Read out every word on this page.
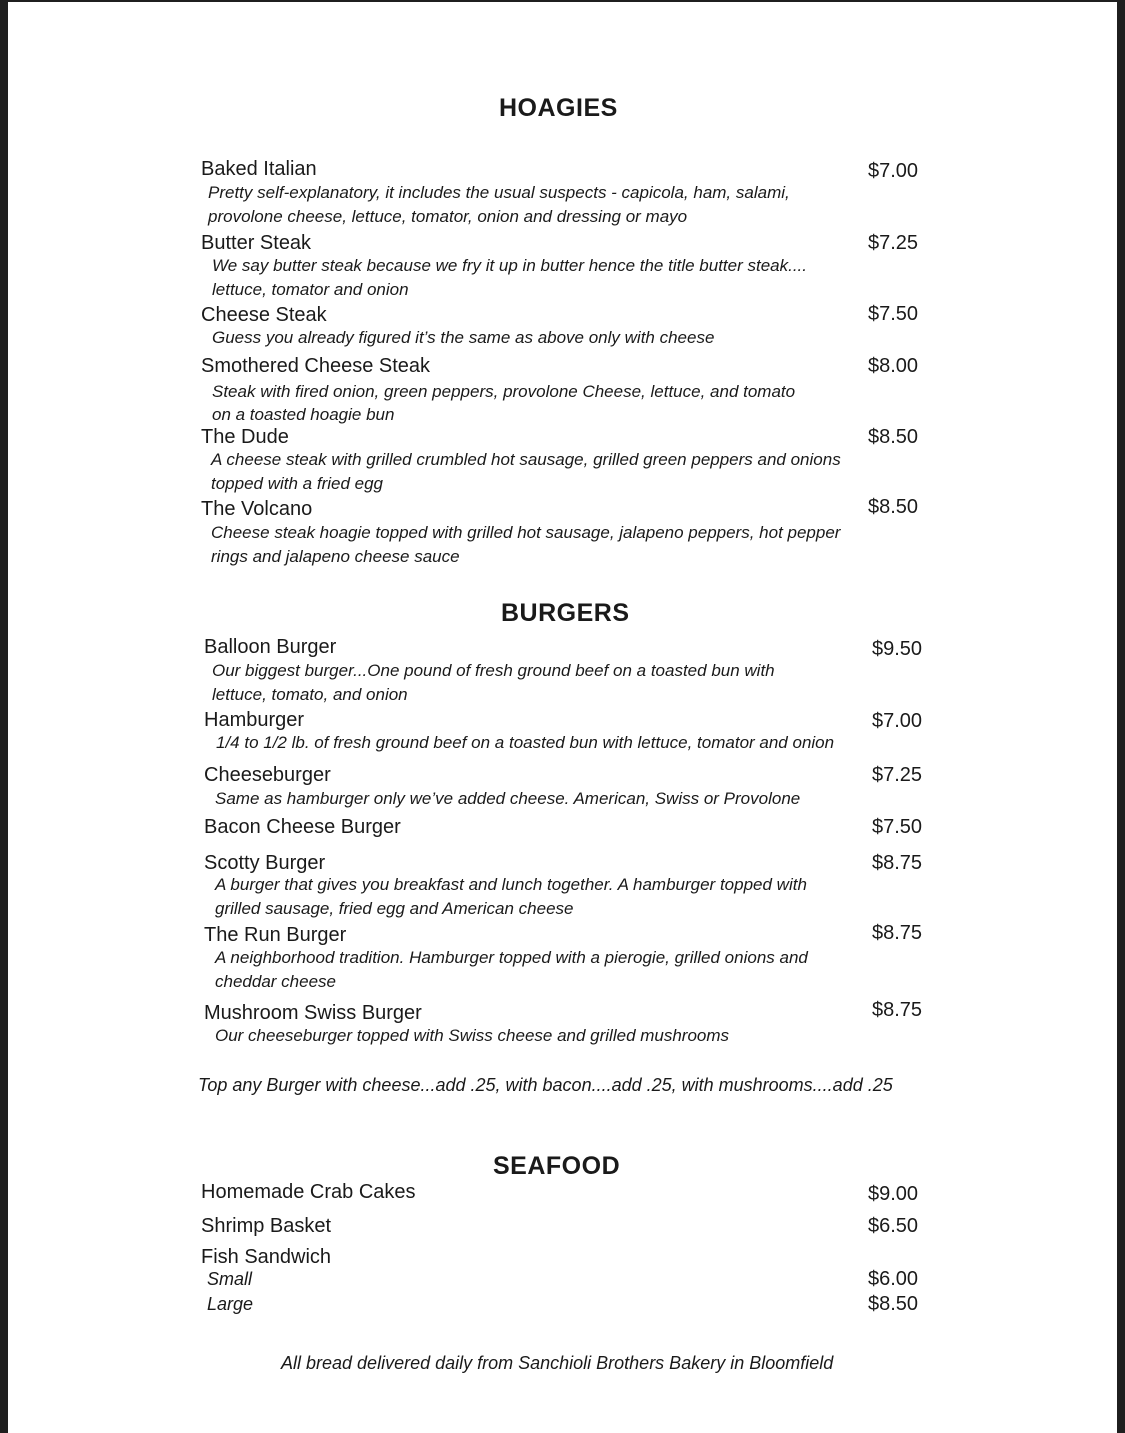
HOAGIES
Baked Italian	$7.00
Pretty self-explanatory, it includes the usual suspects - capicola, ham, salami,
provolone cheese, lettuce, tomator, onion and dressing or mayo
Butter Steak	$7.25
We say butter steak because we fry it up in butter hence the title butter steak....
lettuce, tomator and onion
Cheese Steak	$7.50
Guess you already figured it’s the same as above only with cheese
Smothered Cheese Steak	$8.00
Steak with fired onion, green peppers, provolone Cheese, lettuce, and tomato
on a toasted hoagie bun
The Dude	$8.50
A cheese steak with grilled crumbled hot sausage, grilled green peppers and onions
topped with a fried egg
The Volcano	$8.50
Cheese steak hoagie topped with grilled hot sausage, jalapeno peppers, hot pepper
rings and jalapeno cheese sauce
BURGERS
Balloon Burger	$9.50
Our biggest burger...One pound of fresh ground beef on a toasted bun with
lettuce, tomato, and onion
Hamburger	$7.00
1/4 to 1/2 lb. of fresh ground beef on a toasted bun with lettuce, tomator and onion
Cheeseburger	$7.25
Same as hamburger only we’ve added cheese. American, Swiss or Provolone
Bacon Cheese Burger	$7.50
Scotty Burger	$8.75
A burger that gives you breakfast and lunch together. A hamburger topped with
grilled sausage, fried egg and American cheese
The Run Burger	$8.75
A neighborhood tradition. Hamburger topped with a pierogie, grilled onions and
cheddar cheese
Mushroom Swiss Burger	$8.75
Our cheeseburger topped with Swiss cheese and grilled mushrooms
Top any Burger with cheese...add .25, with bacon....add .25, with mushrooms....add .25
SEAFOOD
Homemade Crab Cakes	$9.00
Shrimp Basket	$6.50
Fish Sandwich
Small	$6.00
Large	$8.50
All bread delivered daily from Sanchioli Brothers Bakery in Bloomfield
